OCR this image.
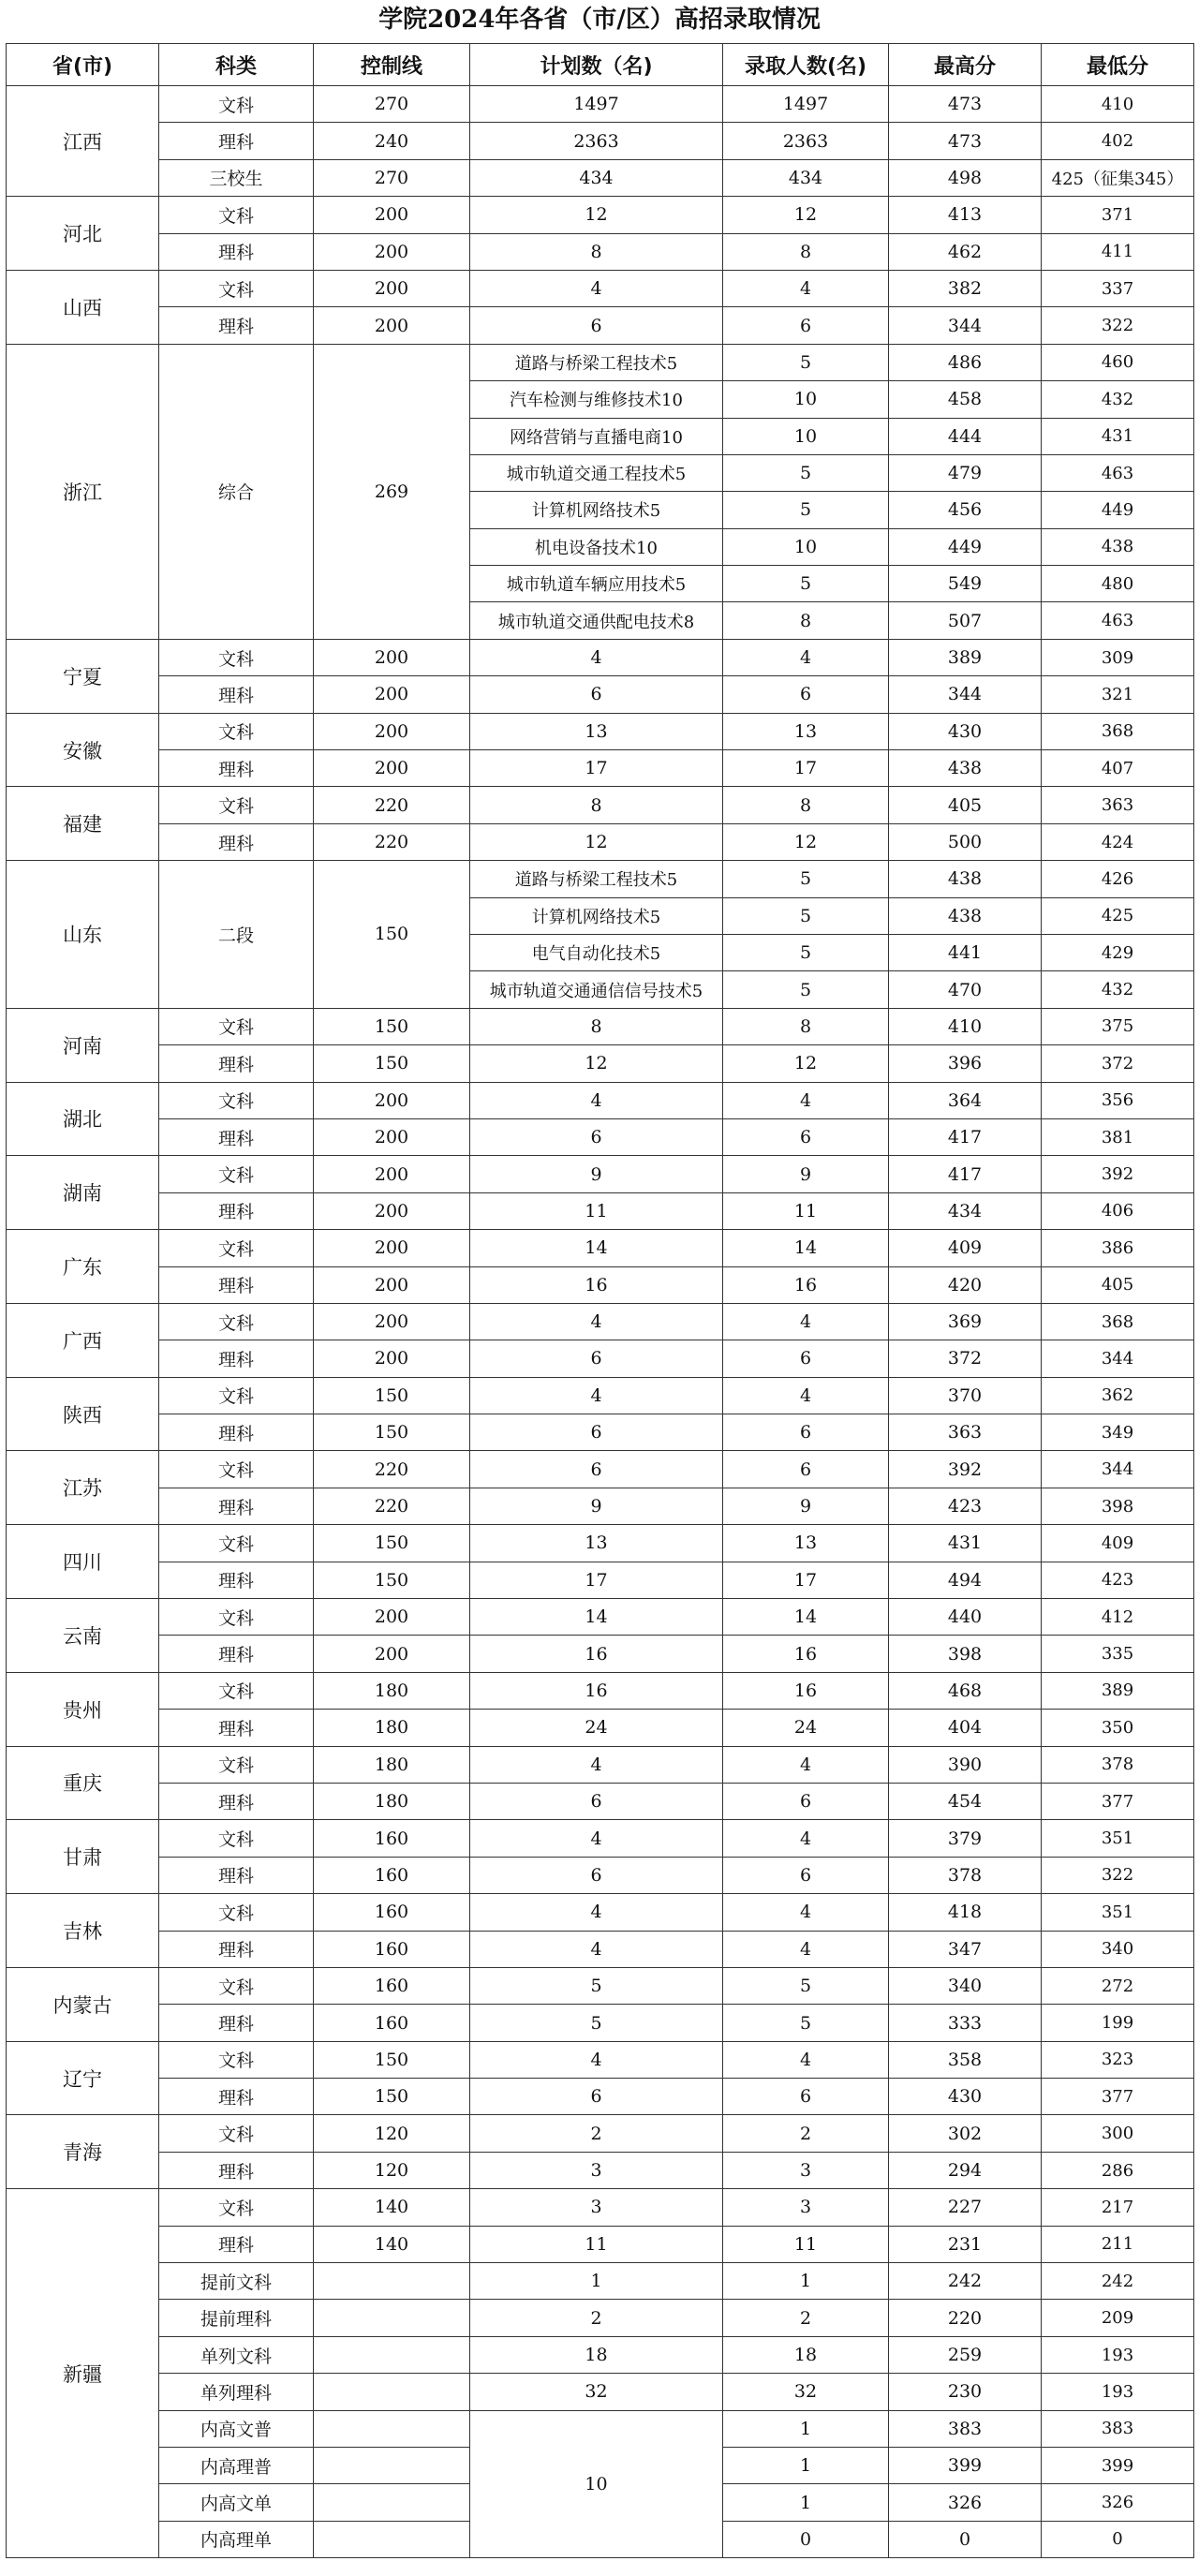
学院2024年各省（市/区）高招录取情况
省(市)	科类	控制线	计划数（名)	录取人数(名)	最高分	最低分
江西	文科	270	1497	1497	473	410
	理科	240	2363	2363	473	402
	三校生	270	434	434	498	425（征集345）
河北	文科	200	12	12	413	371
	理科	200	8	8	462	411
山西	文科	200	4	4	382	337
	理科	200	6	6	344	322
浙江	综合	269	道路与桥梁工程技术5	5	486	460
			汽车检测与维修技术10	10	458	432
			网络营销与直播电商10	10	444	431
			城市轨道交通工程技术5	5	479	463
			计算机网络技术5	5	456	449
			机电设备技术10	10	449	438
			城市轨道车辆应用技术5	5	549	480
			城市轨道交通供配电技术8	8	507	463
宁夏	文科	200	4	4	389	309
	理科	200	6	6	344	321
安徽	文科	200	13	13	430	368
	理科	200	17	17	438	407
福建	文科	220	8	8	405	363
	理科	220	12	12	500	424
山东	二段	150	道路与桥梁工程技术5	5	438	426
			计算机网络技术5	5	438	425
			电气自动化技术5	5	441	429
			城市轨道交通通信信号技术5	5	470	432
河南	文科	150	8	8	410	375
	理科	150	12	12	396	372
湖北	文科	200	4	4	364	356
	理科	200	6	6	417	381
湖南	文科	200	9	9	417	392
	理科	200	11	11	434	406
广东	文科	200	14	14	409	386
	理科	200	16	16	420	405
广西	文科	200	4	4	369	368
	理科	200	6	6	372	344
陕西	文科	150	4	4	370	362
	理科	150	6	6	363	349
江苏	文科	220	6	6	392	344
	理科	220	9	9	423	398
四川	文科	150	13	13	431	409
	理科	150	17	17	494	423
云南	文科	200	14	14	440	412
	理科	200	16	16	398	335
贵州	文科	180	16	16	468	389
	理科	180	24	24	404	350
重庆	文科	180	4	4	390	378
	理科	180	6	6	454	377
甘肃	文科	160	4	4	379	351
	理科	160	6	6	378	322
吉林	文科	160	4	4	418	351
	理科	160	4	4	347	340
内蒙古	文科	160	5	5	340	272
	理科	160	5	5	333	199
辽宁	文科	150	4	4	358	323
	理科	150	6	6	430	377
青海	文科	120	2	2	302	300
	理科	120	3	3	294	286
新疆	文科	140	3	3	227	217
	理科	140	11	11	231	211
	提前文科		1	1	242	242
	提前理科		2	2	220	209
	单列文科		18	18	259	193
	单列理科		32	32	230	193
	内高文普		10	1	383	383
	内高理普			1	399	399
	内高文单			1	326	326
	内高理单			0	0	0
